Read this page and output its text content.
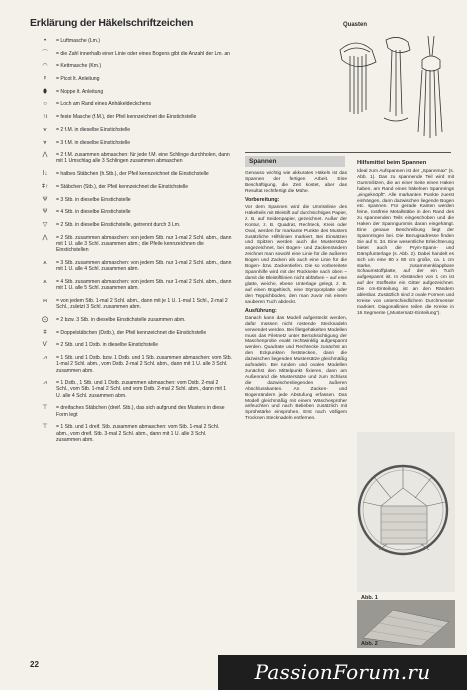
Erklärung der Häkelschriftzeichen
•	= Luftmasche (Lm.)
⌒	= die Zahl innerhalb einer Linie oder eines Bogens gibt die Anzahl der Lm. an
◠	= Kettmasche (Km.)
ᵖ	= Picot lt. Anleitung
⬮	= Noppe lt. Anleitung
○	= Loch am Rand eines Anhäkeldeckchens
↑ı	= feste Masche (f.M.), der Pfeil kennzeichnet die Einstichstelle
⩛	= 2 f.M. in dieselbe Einstichstelle
⩔	= 3 f.M. in dieselbe Einstichstelle
⋀	= 2 f.M. zusammen abmaschen: für jede f.M. eine Schlinge durchholen, dann mit 1 Umschlag alle 3 Schlingen zusammen abmaschen
ⅼ↓	= halbes Stäbchen (h.Stb.), der Pfeil kennzeichnet die Einstichstelle
ǂ↑	= Stäbchen (Stb.), der Pfeil kennzeichnet die Einstichstelle
Ѱ	= 3 Stb. in dieselbe Einstichstelle
Ѱ	= 4 Stb. in dieselbe Einstichstelle
▽	= 2 Stb. in dieselbe Einstichstelle, getrennt durch 3 Lm.
⋀	= 2 Stb. zusammen abmaschen: von jedem Stb. nur 1-mal 2 Schl. abm., dann mit 1 U. alle 3 Schl. zusammen abm.; die Pfeile kennzeichnen die Einstichstellen
⩚	= 3 Stb. zusammen abmaschen: von jedem Stb. nur 1-mal 2 Schl. abm., dann mit 1 U. alle 4 Schl. zusammen abm.
⩚	= 4 Stb. zusammen abmaschen: von jedem Stb. nur 1-mal 2 Schl. abm., dann mit 1 U. alle 5 Schl. zusammen abm.
ⲙ	= von jedem Stb. 1-mal 2 Schl. abm., dann mit je 1 U. 1-mal 1 Schl., 2-mal 2 Schl., zuletzt 3 Schl. zusammen abm.
⨀	= 2 bzw. 3 Stb. in dieselbe Einstichstelle zusammen abm.
ǂ	= Doppelstäbchen (Dstb.), der Pfeil kennzeichnet die Einstichstelle
Ѵ	= 2 Stb. und 1 Dstb. in dieselbe Einstichstelle
⩘	= 1 Stb. und 1 Dstb. bzw. 1 Dstb. und 1 Stb. zusammen abmaschen: vom Stb. 1-mal 2 Schl. abm., vom Dstb. 2-mal 2 Schl. abm., dann mit 1 U. alle 3 Schl. zusammen abm.
⩘	= 1 Dstb., 1 Stb. und 1 Dstb. zusammen abmaschen: vom Dstb. 2-mal 2 Schl., vom Stb. 1-mal 2 Schl. und vom Dstb. 2-mal 2 Schl. abm., dann mit 1 U. alle 4 Schl. zusammen abm.
⊤	= dreifaches Stäbchen (dreif. Stb.), das sich aufgrund des Musters in diese Form legt
⊤	= 1 Stb. und 1 dreif. Stb. zusammen abmaschen: vom Stb. 1-mal 2 Schl. abm., vom dreif. Stb. 3-mal 2 Schl. abm., dann mit 1 U. alle 3 Schl. zusammen abm.
22
Quasten
Spannen

Genauso wichtig wie akkurates Häkeln ist das Spannen der fertigen Arbeit. Eine Beschäftigung, die Zeit kostet, aber das Resultat rechtfertigt die Mühe.

Vorbereitung:

Vor dem Spannen wird die Umrisslinie des Häkelteils mit Bleistift auf durchsichtiges Papier, z. B. auf Seidenpapier, gezeichnet. Außer der Kontur, z. B. Quadrat, Rechteck, Kreis oder Oval, werden für markante Punkte des Musters zusätzliche Hilfslinien markiert. Bei Einsätzen und Spitzen werden auch die Mustersätze angezeichnet, bei Bogen- und Zackenrändern zeichnet man sowohl eine Linie für die äußeren Bogen und Zacken als auch eine Linie für die Bogen- bzw. Zackentiefen. Die so vorbereitete Spannhilfe wird mit der Rückseite nach oben – damit die Bleistiftlinien nicht abfärben – auf eine glatte, weiche, ebene Unterlage gelegt, z. B. auf einen Bügeltisch, eine Styroporplatte oder den Teppichboden, den man zuvor mit einem sauberen Tuch abdeckt.

Ausführung:

Danach kann das Modell aufgesteckt werden, dafür müssen nicht rostende Stecknadeln verwendet werden. Bei filetgehäkelten Modellen muss das Filetnetz unter Berücksichtigung der Maschenprobe exakt rechtwinklig aufgespannt werden. Quadrate und Rechtecke zunächst an den Eckpunkten feststecken, dann die dazwischen liegenden Mustersätze gleichmäßig aufnadeln. Bei runden und ovalen Modellen zunächst den Mittelpunkt fixieren, dann am Außenrand die Mustersätze und zum Schluss die dazwischenliegenden äußeren Abschlusskanten. An Zacken- und Bogenrändern jede Abstufung erfassen. Das Modell gleichmäßig mit einem Wäschesprüher anfeuchten und nach Belieben zusätzlich mit Sprühstärke einsprühen. Erst nach völligem Trocknen Stecknadeln entfernen.

Hilfsmittel beim Spannen
Ideal zum Aufspannen ist der „Spannmax“ (s. Abb. 1). Das zu spannende Teil wird mit Gummilitzen, die an einer Seite einen Haken haben, am Rand eines häkelnen Spannrings „eingeknöpft“. Alle markanten Punkte zuerst einhängen, dann dazwischen liegende Bogen etc. spannen. Für gerade Kanten werden feine, rostfreie Metallstäbe in den Rand des zu spannenden Teils eingeschoben und die Haken der Spanngummis daran eingehängt. Eine genaue Beschreibung liegt der Spannringen bei. Die Bezugsadresse finden Sie auf S. 34. Eine wesentliche Erleichterung bietet auch die Prym-Spann- und Dämpfunterlage (s. Abb. 2). Dabei handelt es sich um eine 80 x 80 cm große, ca. 1 cm starke, zusammenklappbare Schaumstoffplatte, auf der ein Tuch aufgespannt ist. In Abständen von 1 cm ist auf der Stoffseite ein Gitter aufgezeichnet. Die cm-Einteilung ist an den Rändern ablesbar. Zusätzlich sind 2 ovale Formen und Kreise von unterschiedlichem Durchmesser markiert. Diagonallinien teilen die Kreise in 16 Segmente („Mustersatz-Einteilung“).
Abb. 1
Abb. 2
PassionForum.ru
